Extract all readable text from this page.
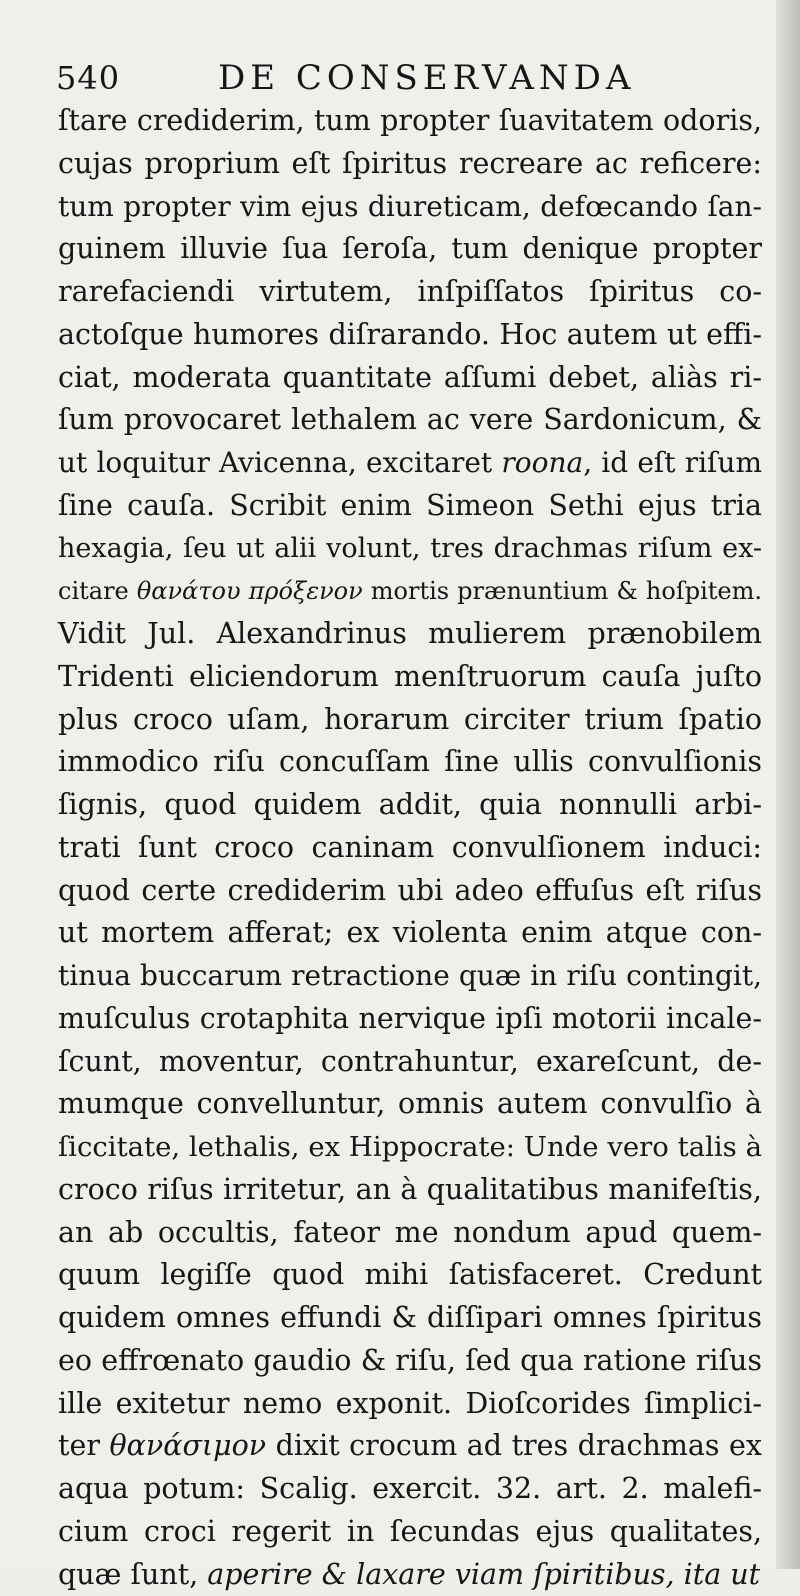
540	DE CONSERVANDA
ſtare crediderim, tum propter ſuavitatem odoris,
cujas proprium eſt ſpiritus recreare ac reficere:
tum propter vim ejus diureticam, defœcando ſan-
guinem illuvie ſua ſeroſa, tum denique propter
rarefaciendi virtutem, inſpiſſatos ſpiritus co-
actoſque humores diſrarando. Hoc autem ut effi-
ciat, moderata quantitate aſſumi debet, aliàs ri-
ſum provocaret lethalem ac vere Sardonicum, &
ut loquitur Avicenna, excitaret roona, id eſt riſum
ſine cauſa. Scribit enim Simeon Sethi ejus tria
hexagia, ſeu ut alii volunt, tres drachmas riſum ex-
citare θανάτου πρόξενον mortis prænuntium & hoſpitem.
Vidit Jul. Alexandrinus mulierem prænobilem
Tridenti eliciendorum menſtruorum cauſa juſto
plus croco uſam, horarum circiter trium ſpatio
immodico riſu concuſſam ſine ullis convulſionis
ſignis, quod quidem addit, quia nonnulli arbi-
trati ſunt croco caninam convulſionem induci:
quod certe crediderim ubi adeo effuſus eſt riſus
ut mortem afferat; ex violenta enim atque con-
tinua buccarum retractione quæ in riſu contingit,
muſculus crotaphita nervique ipſi motorii incale-
ſcunt, moventur, contrahuntur, exareſcunt, de-
mumque convelluntur, omnis autem convulſio à
ſiccitate, lethalis, ex Hippocrate: Unde vero talis à
croco riſus irritetur, an à qualitatibus manifeſtis,
an ab occultis, fateor me nondum apud quem-
quum legiſſe quod mihi ſatisfaceret. Credunt
quidem omnes effundi & diſſipari omnes ſpiritus
eo effrœnato gaudio & riſu, ſed qua ratione riſus
ille exitetur nemo exponit. Dioſcorides ſimplici-
ter θανάσιμον dixit crocum ad tres drachmas ex
aqua potum: Scalig. exercit. 32. art. 2. malefi-
cium croci regerit in ſecundas ejus qualitates,
quæ ſunt, aperire & laxare viam ſpiritibus, ita ut
